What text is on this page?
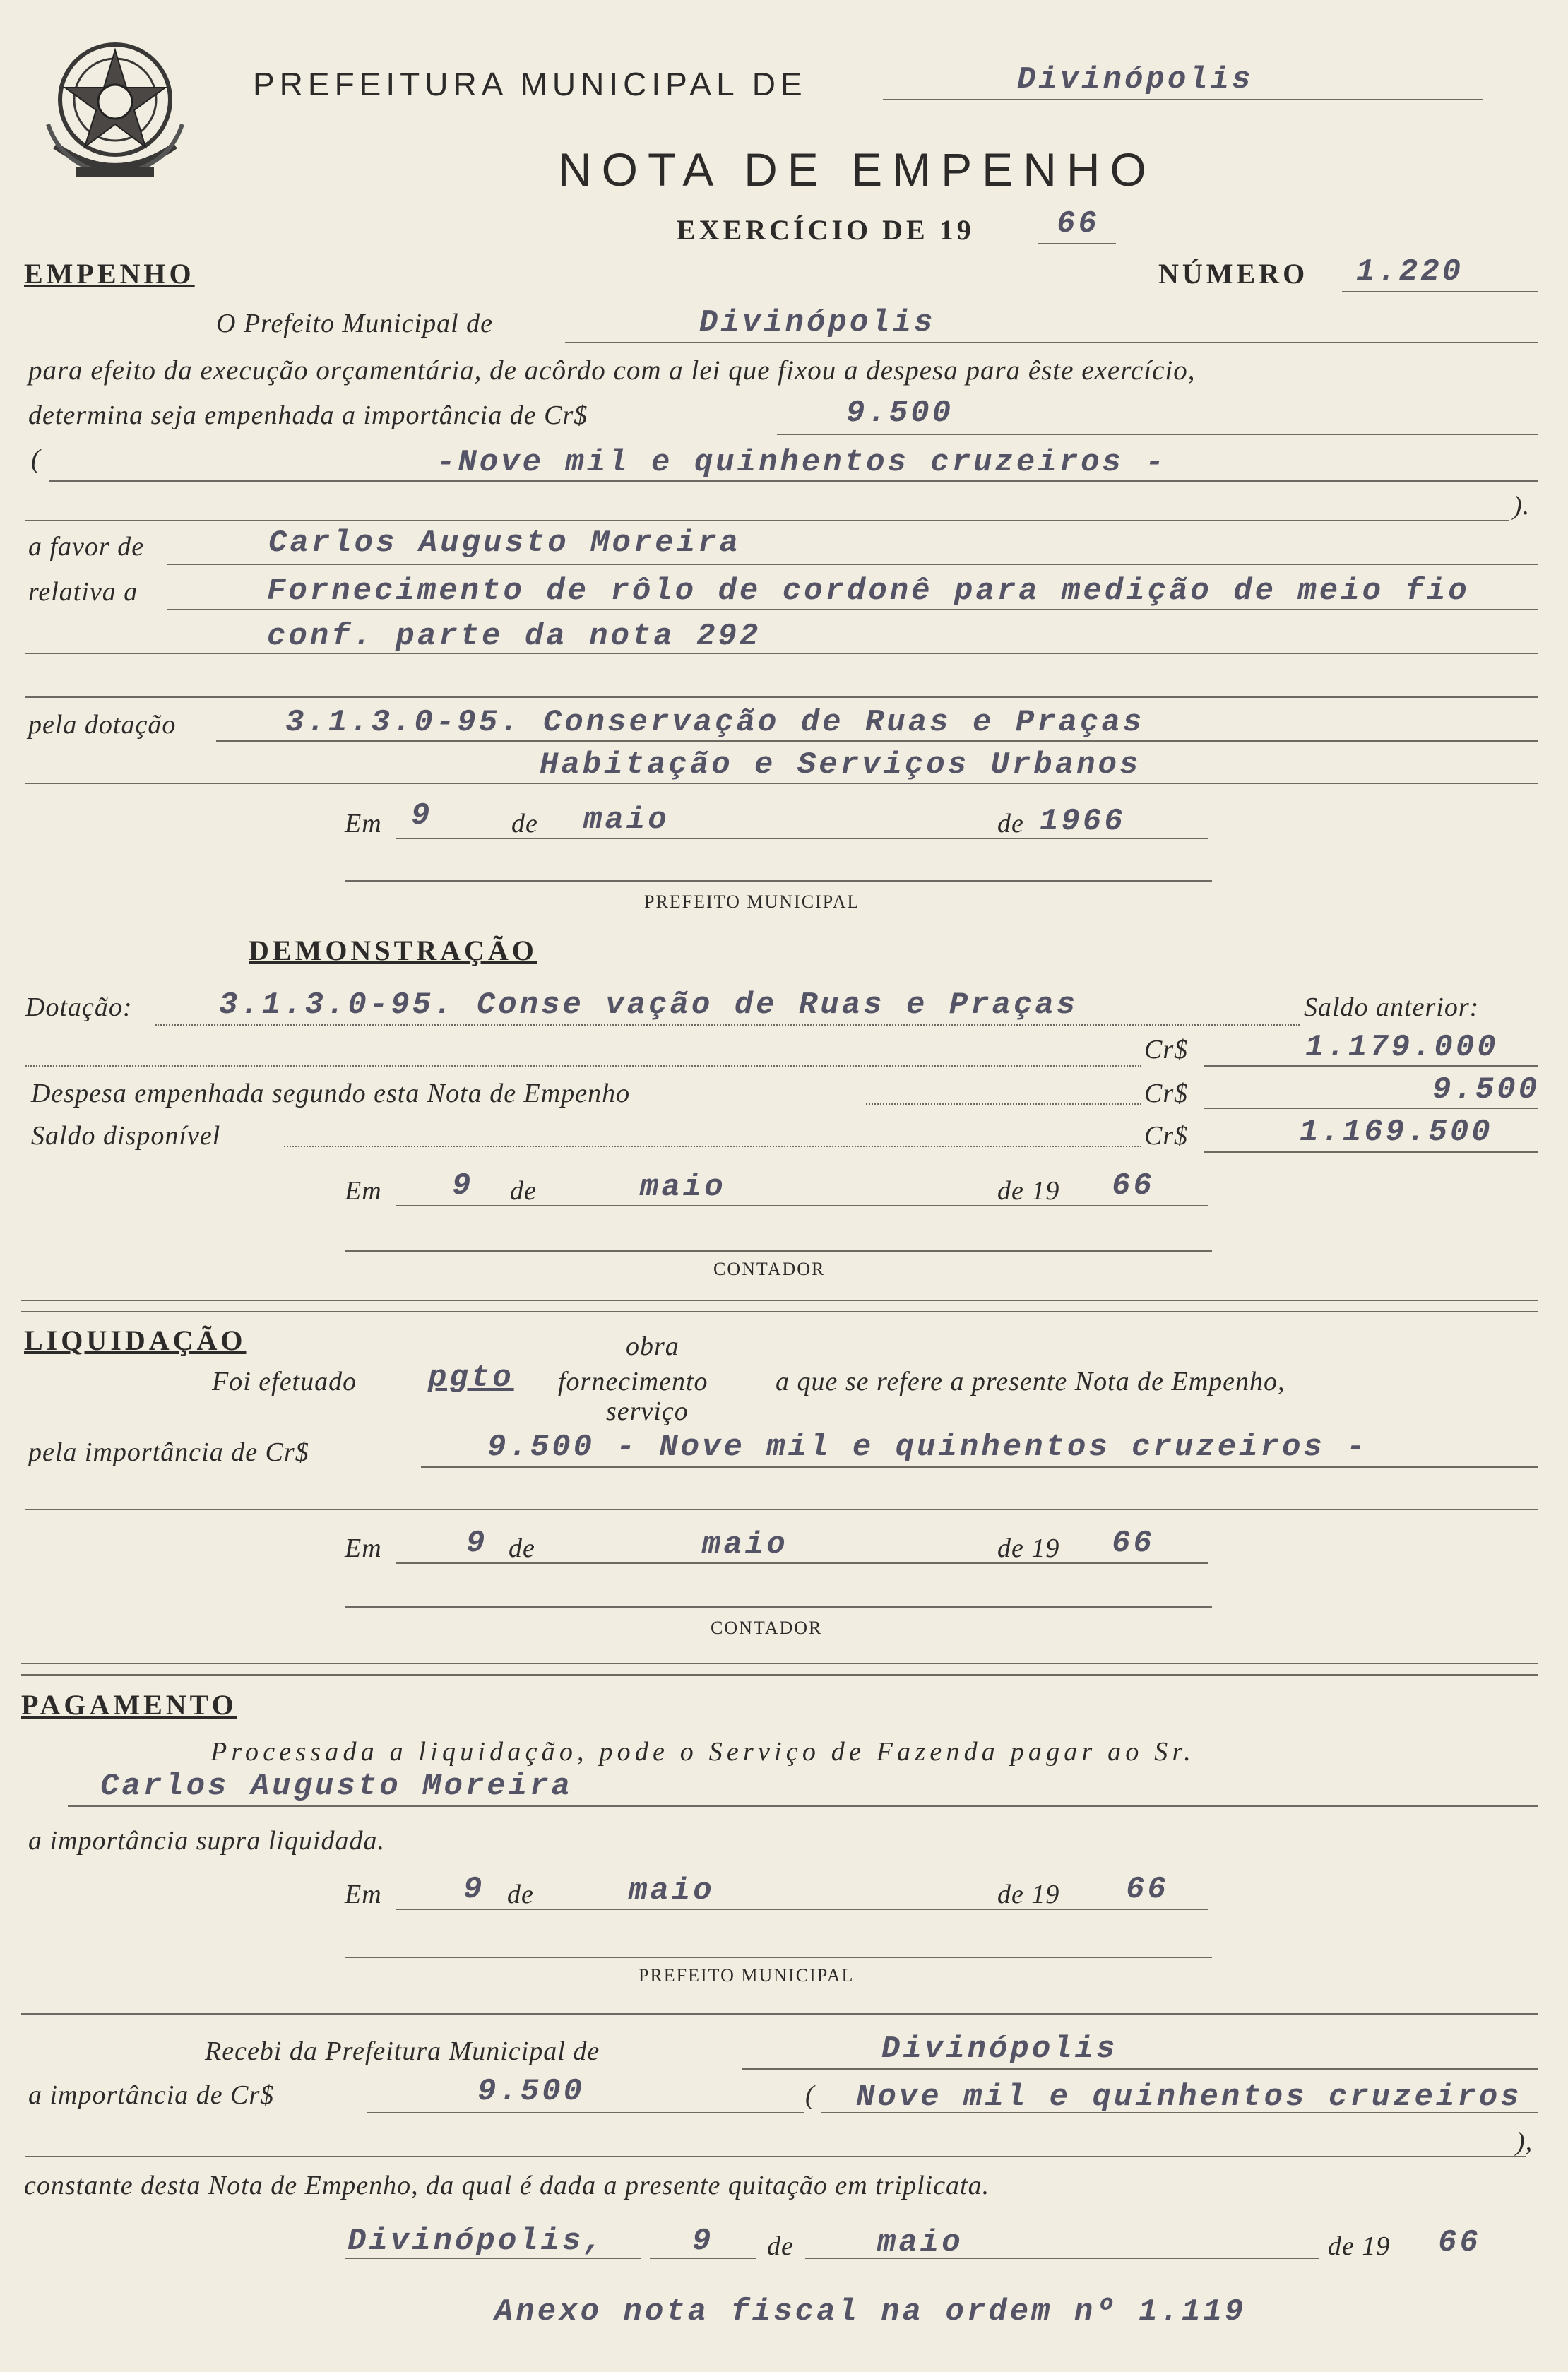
PREFEITURA MUNICIPAL DE	Divinópolis
NOTA DE EMPENHO
EXERCÍCIO DE 19	66
EMPENHO	NÚMERO 1.220
O Prefeito Municipal de	Divinópolis
para efeito da execução orçamentária, de acôrdo com a lei que fixou a despesa para êste exercício,
determina seja empenhada a importância de Cr$	9.500
(	-Nove mil e quinhentos cruzeiros -
).
a favor de	Carlos Augusto Moreira
relativa a	Fornecimento de rôlo de cordonê para medição de meio fio
conf. parte da nota 292
pela dotação	3.1.3.0-95. Conservação de Ruas e Praças
Habitação e Serviços Urbanos
Em 9	de maio	de 1966
PREFEITO MUNICIPAL
DEMONSTRAÇÃO
Dotação:	3.1.3.0-95. Conse vação de Ruas e Praças	Saldo anterior:
Cr$	1.179.000
Despesa empenhada segundo esta Nota de Empenho	Cr$	9.500
Saldo disponível	Cr$	1.169.500
Em 9 de	maio	de 19 66
CONTADOR
LIQUIDAÇÃO	obra
Foi efetuado pgto fornecimento	a que se refere a presente Nota de Empenho,
serviço
pela importância de Cr$	9.500 - Nove mil e quinhentos cruzeiros -
Em	9 de	maio	de 19 66
CONTADOR
PAGAMENTO
Processada a liquidação, pode o Serviço de Fazenda pagar ao Sr.
Carlos Augusto Moreira
a importância supra liquidada.
Em	9 de	maio	de 19 66
PREFEITO MUNICIPAL
Recebi da Prefeitura Municipal de	Divinópolis
a importância de Cr$	9.500	( Nove mil e quinhentos cruzeiros
),
constante desta Nota de Empenho, da qual é dada a presente quitação em triplicata.
Divinópolis,	9 de	maio	de 19 66
Anexo nota fiscal na ordem nº 1.119
